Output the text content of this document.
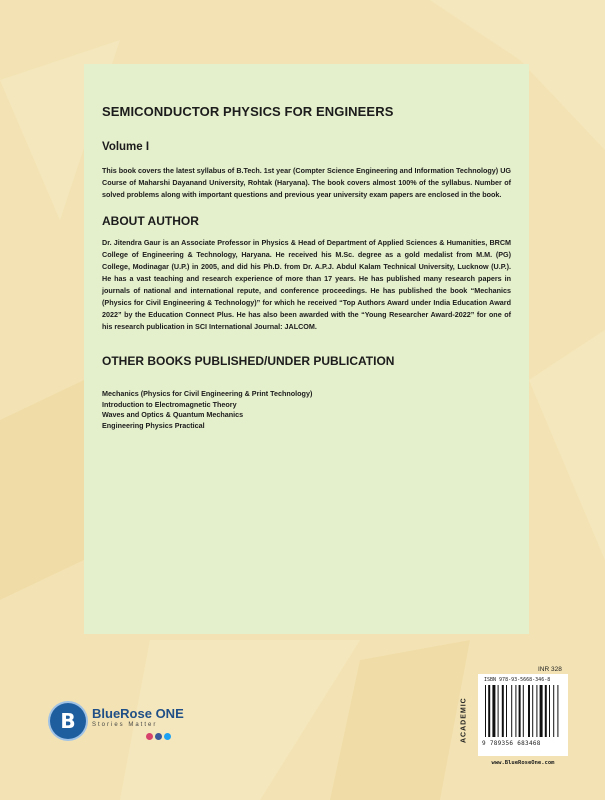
SEMICONDUCTOR PHYSICS FOR ENGINEERS
Volume I

This book covers the latest syllabus of B.Tech. 1st year (Compter Science Engineering and Information Technology) UG Course of Maharshi Dayanand University, Rohtak (Haryana). The book covers almost 100% of the syllabus. Number of solved problems along with important questions and previous year university exam papers are enclosed in the book.

ABOUT AUTHOR

Dr. Jitendra Gaur is an Associate Professor in Physics & Head of Department of Applied Sciences & Humanities, BRCM College of Engineering & Technology, Haryana. He received his M.Sc. degree as a gold medalist from M.M. (PG) College, Modinagar (U.P.) in 2005, and did his Ph.D. from Dr. A.P.J. Abdul Kalam Technical University, Lucknow (U.P.). He has a vast teaching and research experience of more than 17 years. He has published many research papers in journals of national and international repute, and conference proceedings. He has published the book “Mechanics (Physics for Civil Engineering & Technology)” for which he received “Top Authors Award under India Education Award 2022” by the Education Connect Plus. He has also been awarded with the “Young Researcher Award-2022” for one of his research publication in SCI International Journal: JALCOM.

OTHER BOOKS PUBLISHED/UNDER PUBLICATION
Mechanics (Physics for Civil Engineering & Print Technology)
Introduction to Electromagnetic Theory
Waves and Optics & Quantum Mechanics
Engineering Physics Practical
B	BlueRose ONE
Stories Matter
INR 328
ACADEMIC
ISBN 978-93-5668-346-8
9 789356 683468
www.BlueRoseOne.com
